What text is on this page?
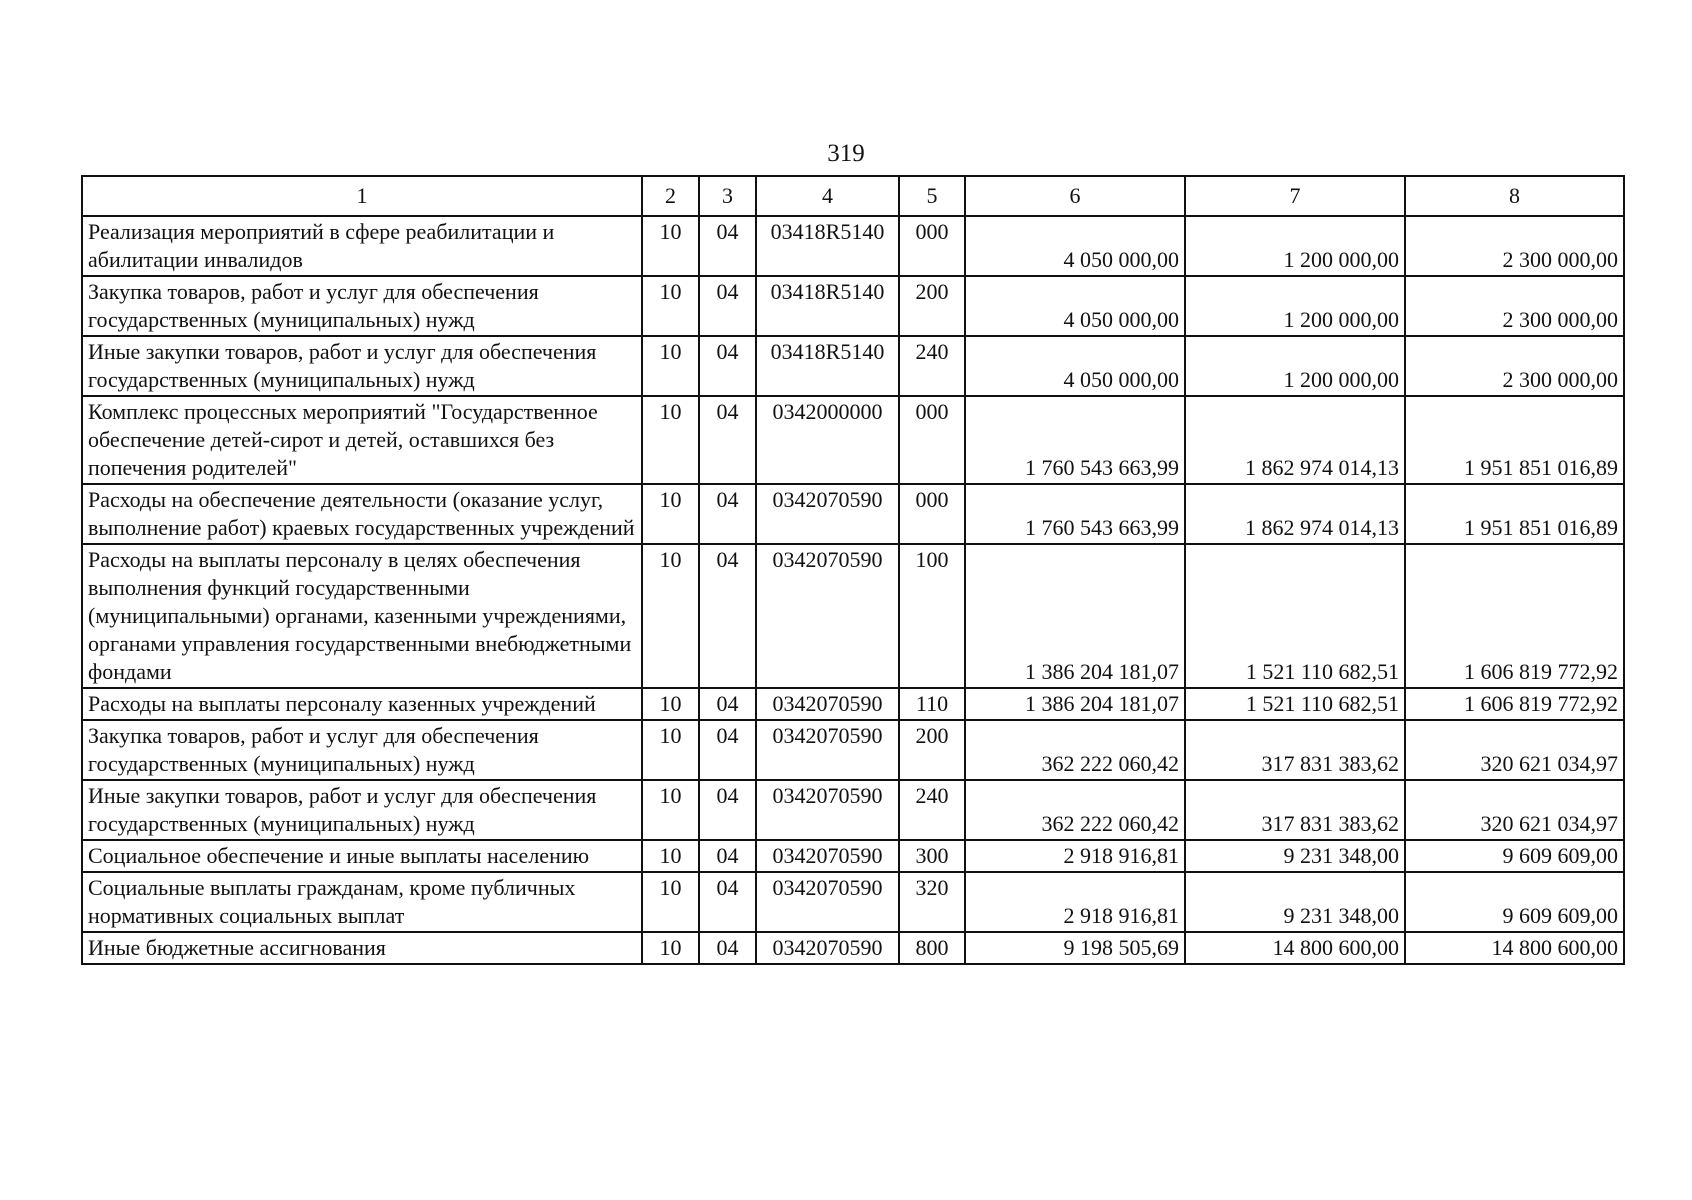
319
1	2	3	4	5	6	7	8
Реализация мероприятий в сфере реабилитации и абилитации инвалидов	10	04	03418R5140	000	4 050 000,00	1 200 000,00	2 300 000,00
Закупка товаров, работ и услуг для обеспечения государственных (муниципальных) нужд	10	04	03418R5140	200	4 050 000,00	1 200 000,00	2 300 000,00
Иные закупки товаров, работ и услуг для обеспечения государственных (муниципальных) нужд	10	04	03418R5140	240	4 050 000,00	1 200 000,00	2 300 000,00
Комплекс процессных мероприятий "Государственное обеспечение детей-сирот и детей, оставшихся без попечения родителей"	10	04	0342000000	000	1 760 543 663,99	1 862 974 014,13	1 951 851 016,89
Расходы на обеспечение деятельности (оказание услуг, выполнение работ) краевых государственных учреждений	10	04	0342070590	000	1 760 543 663,99	1 862 974 014,13	1 951 851 016,89
Расходы на выплаты персоналу в целях обеспечения выполнения функций государственными (муниципальными) органами, казенными учреждениями, органами управления государственными внебюджетными фондами	10	04	0342070590	100	1 386 204 181,07	1 521 110 682,51	1 606 819 772,92
Расходы на выплаты персоналу казенных учреждений	10	04	0342070590	110	1 386 204 181,07	1 521 110 682,51	1 606 819 772,92
Закупка товаров, работ и услуг для обеспечения государственных (муниципальных) нужд	10	04	0342070590	200	362 222 060,42	317 831 383,62	320 621 034,97
Иные закупки товаров, работ и услуг для обеспечения государственных (муниципальных) нужд	10	04	0342070590	240	362 222 060,42	317 831 383,62	320 621 034,97
Социальное обеспечение и иные выплаты населению	10	04	0342070590	300	2 918 916,81	9 231 348,00	9 609 609,00
Социальные выплаты гражданам, кроме публичных нормативных социальных выплат	10	04	0342070590	320	2 918 916,81	9 231 348,00	9 609 609,00
Иные бюджетные ассигнования	10	04	0342070590	800	9 198 505,69	14 800 600,00	14 800 600,00
